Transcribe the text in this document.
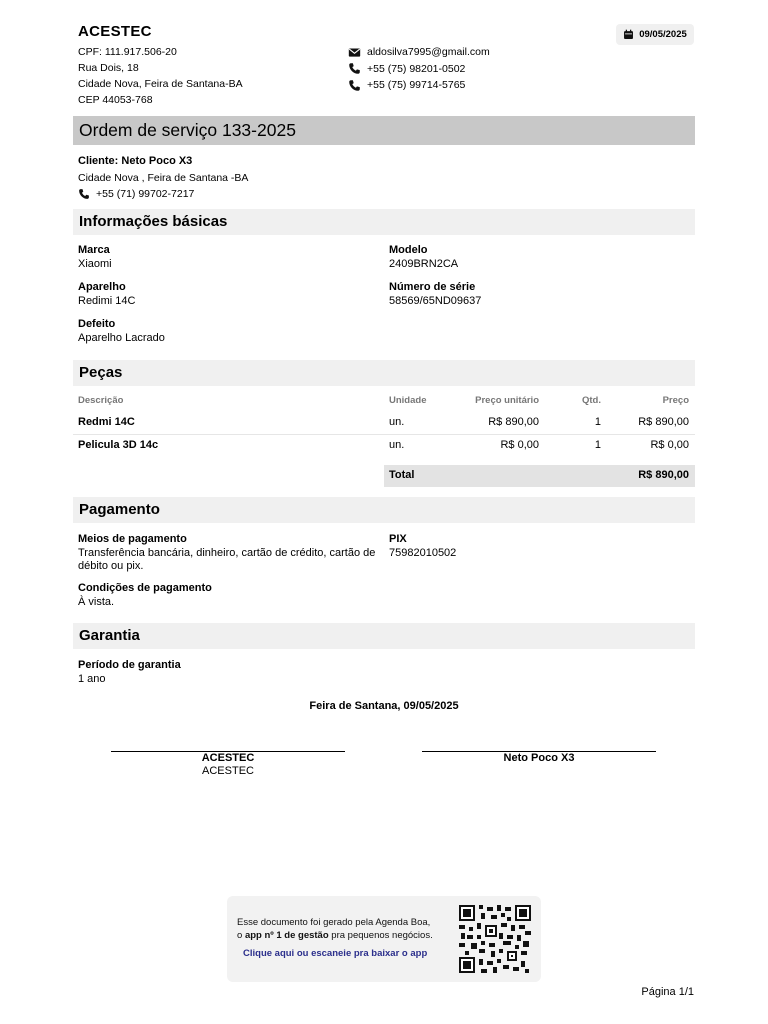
ACESTEC
CPF: 111.917.506-20
Rua Dois, 18
Cidade Nova, Feira de Santana-BA
CEP 44053-768
aldosilva7995@gmail.com
+55 (75) 98201-0502
+55 (75) 99714-5765
09/05/2025
Ordem de serviço 133-2025
Cliente: Neto Poco X3
Cidade Nova , Feira de Santana -BA
+55 (71) 99702-7217
Informações básicas
Marca
Xiaomi
Modelo
2409BRN2CA
Aparelho
Redimi 14C
Número de série
58569/65ND09637
Defeito
Aparelho Lacrado
Peças
Descrição	Unidade	Preço unitário	Qtd.	Preço
Redmi 14C	un.	R$ 890,00	1	R$ 890,00
Pelicula 3D 14c	un.	R$ 0,00	1	R$ 0,00
Total	R$ 890,00
Pagamento
Meios de pagamento
Transferência bancária, dinheiro, cartão de crédito, cartão de débito ou pix.
PIX
75982010502
Condições de pagamento
À vista.
Garantia
Período de garantia
1 ano
Feira de Santana, 09/05/2025
ACESTEC
ACESTEC
Neto Poco X3
Esse documento foi gerado pela Agenda Boa,
o app nº 1 de gestão pra pequenos negócios.
Clique aqui ou escaneie pra baixar o app
Página 1/1
